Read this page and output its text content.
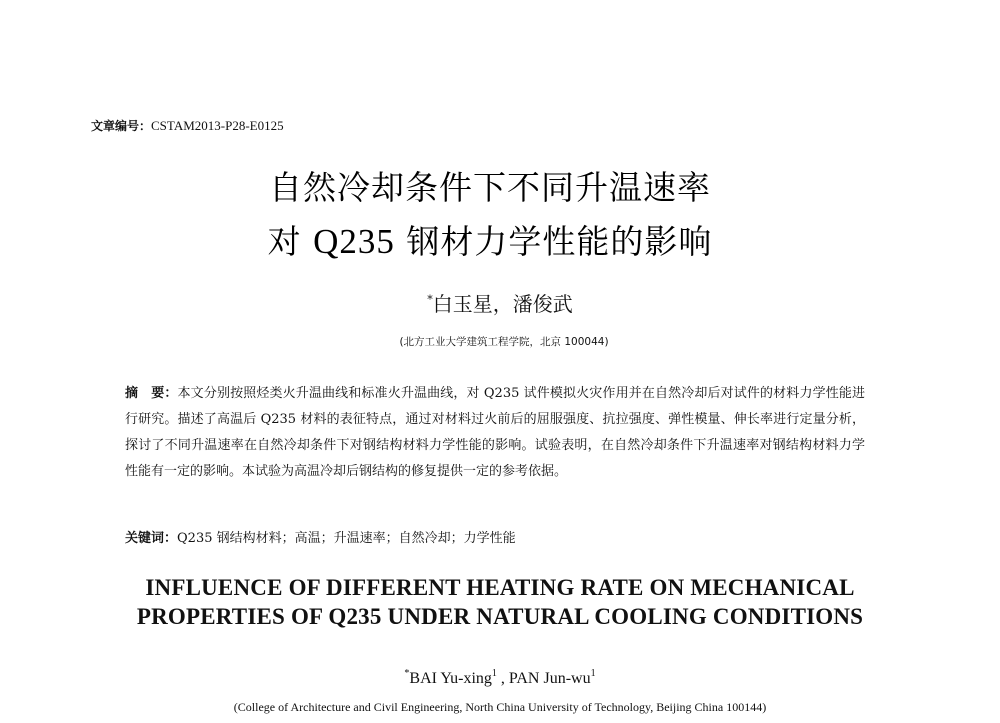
文章编号：CSTAM2013-P28-E0125
自然冷却条件下不同升温速率
对 Q235 钢材力学性能的影响
*白玉星，潘俊武
(北方工业大学建筑工程学院，北京 100044)
摘　要：本文分别按照烃类火升温曲线和标准火升温曲线，对 Q235 试件模拟火灾作用并在自然冷却后对试件的材料力学性能进行研究。描述了高温后 Q235 材料的表征特点，通过对材料过火前后的屈服强度、抗拉强度、弹性模量、伸长率进行定量分析，探讨了不同升温速率在自然冷却条件下对钢结构材料力学性能的影响。试验表明，在自然冷却条件下升温速率对钢结构材料力学性能有一定的影响。本试验为高温冷却后钢结构的修复提供一定的参考依据。
关键词：Q235 钢结构材料；高温；升温速率；自然冷却；力学性能
INFLUENCE OF DIFFERENT HEATING RATE ON MECHANICAL
PROPERTIES OF Q235 UNDER NATURAL COOLING CONDITIONS
*BAI Yu-xing$^1$ , PAN Jun-$wu^1$
(College of Architecture and Civil Engineering, North China University of Technology, Beijing China 100144)
